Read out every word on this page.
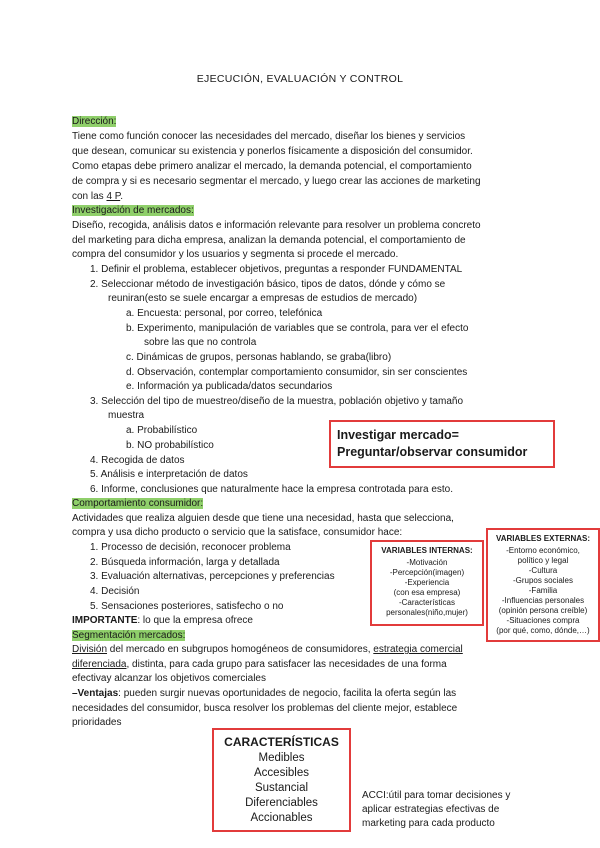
EJECUCIÓN, EVALUACIÓN Y CONTROL
Dirección:
Tiene como función conocer las necesidades del mercado, diseñar los bienes y servicios
que desean, comunicar su existencia y ponerlos físicamente a disposición del consumidor.
Como etapas debe primero analizar el mercado, la demanda potencial, el comportamiento
de compra y si es necesario segmentar el mercado, y luego crear las acciones de marketing
con las 4 P.
Investigación de mercados:
Diseño, recogida, análisis datos e información relevante para resolver un problema concreto
del marketing para dicha empresa, analizan la demanda potencial, el comportamiento de
compra del consumidor y los usuarios y segmenta si procede el mercado.
1. Definir el problema, establecer objetivos, preguntas a responder FUNDAMENTAL
2. Seleccionar método de investigación básico, tipos de datos, dónde y cómo se
reuniran(esto se suele encargar a empresas de estudios de mercado)
a. Encuesta: personal, por correo, telefónica
b. Experimento, manipulación de variables que se controla, para ver el efecto
sobre las que no controla
c. Dinámicas de grupos, personas hablando, se graba(libro)
d. Observación, contemplar comportamiento consumidor, sin ser conscientes
e. Información ya publicada/datos secundarios
3. Selección del tipo de muestreo/diseño de la muestra, población objetivo y tamaño
muestra
a. Probabilístico
b. NO probabilístico
4. Recogida de datos
5. Análisis e interpretación de datos
6. Informe, conclusiones que naturalmente hace la empresa controtada para esto.
Investigar mercado=
Preguntar/observar consumidor
Comportamiento consumidor:
Actividades que realiza alguien desde que tiene una necesidad, hasta que selecciona,
compra y usa dicho producto o servicio que la satisface, consumidor hace:
1. Processo de decisión, reconocer problema
2. Búsqueda información, larga y detallada
3. Evaluación alternativas, percepciones y preferencias
4. Decisión
5. Sensaciones posteriores, satisfecho o no
IMPORTANTE: lo que la empresa ofrece
VARIABLES INTERNAS:
-Motivación
-Percepción(imagen)
-Experiencia
(con esa empresa)
-Características
personales(niño,mujer)
VARIABLES EXTERNAS:
-Entorno económico,
político y legal
-Cultura
-Grupos sociales
-Familia
-Influencias personales
(opinión persona creíble)
-Situaciones compra
(por qué, como, dónde,…)
Segmentación mercados:
División del mercado en subgrupos homogéneos de consumidores, estrategia comercial
diferenciada, distinta, para cada grupo para satisfacer las necesidades de una forma
efectivay alcanzar los objetivos comerciales
–Ventajas: pueden surgir nuevas oportunidades de negocio, facilita la oferta según las
necesidades del consumidor, busca resolver los problemas del cliente mejor, establece
prioridades
CARACTERÍSTICAS
Medibles
Accesibles
Sustancial
Diferenciables
Accionables
ACCI:útil para tomar decisiones y
aplicar estrategias efectivas de
marketing para cada producto
